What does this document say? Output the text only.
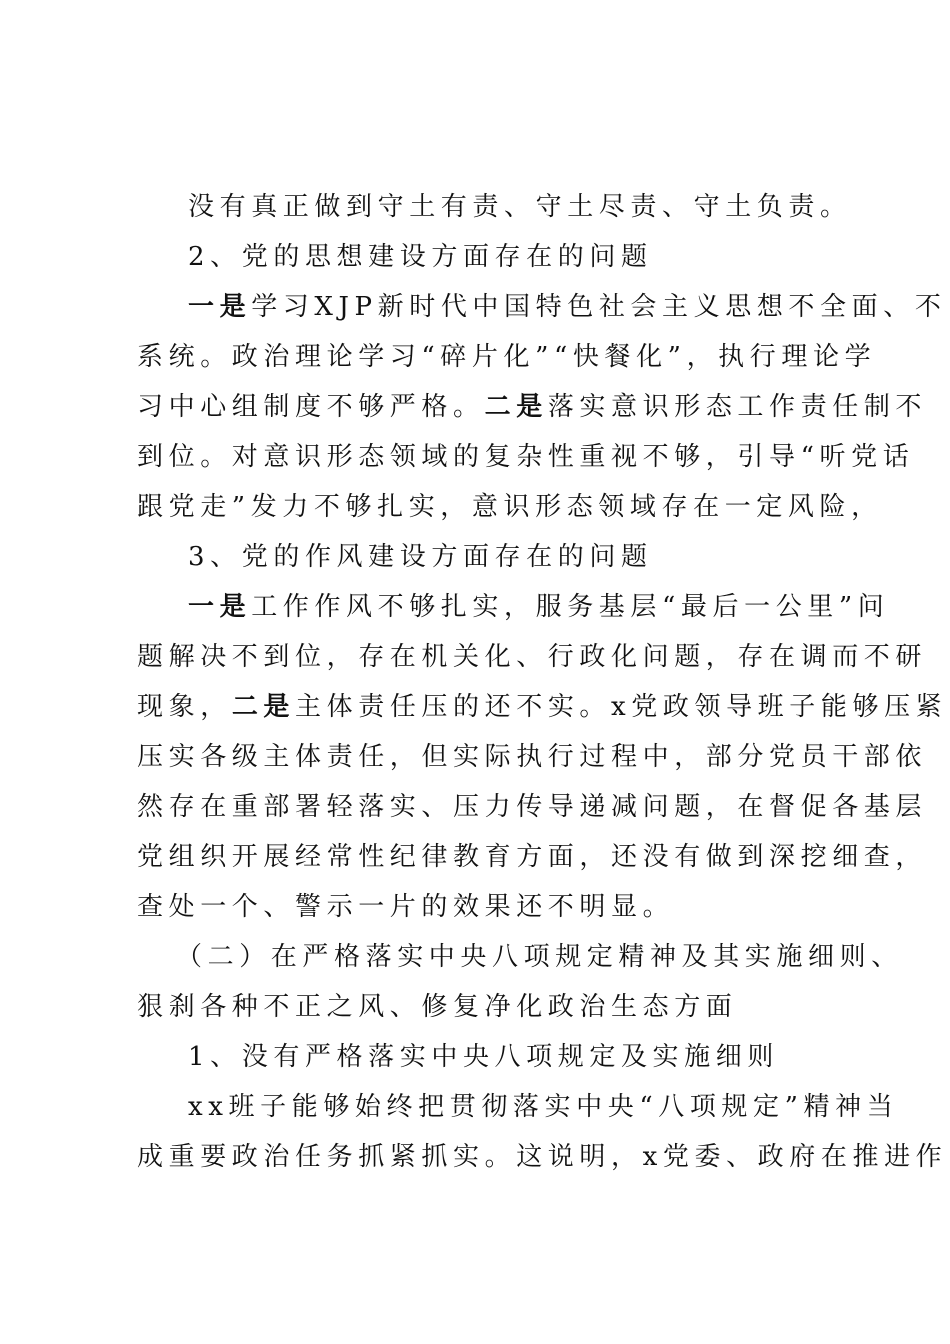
没有真正做到守土有责、守土尽责、守土负责。
2、党的思想建设方面存在的问题
一是学习XJP新时代中国特色社会主义思想不全面、不
系统。政治理论学习“碎片化”“快餐化”，执行理论学
习中心组制度不够严格。二是落实意识形态工作责任制不
到位。对意识形态领域的复杂性重视不够，引导“听党话
跟党走”发力不够扎实，意识形态领域存在一定风险，
3、党的作风建设方面存在的问题
一是工作作风不够扎实，服务基层“最后一公里”问
题解决不到位，存在机关化、行政化问题，存在调而不研
现象，二是主体责任压的还不实。x党政领导班子能够压紧
压实各级主体责任，但实际执行过程中，部分党员干部依
然存在重部署轻落实、压力传导递减问题，在督促各基层
党组织开展经常性纪律教育方面，还没有做到深挖细查，
查处一个、警示一片的效果还不明显。
（二）在严格落实中央八项规定精神及其实施细则、
狠刹各种不正之风、修复净化政治生态方面
1、没有严格落实中央八项规定及实施细则
xx班子能够始终把贯彻落实中央“八项规定”精神当
成重要政治任务抓紧抓实。这说明，x党委、政府在推进作
